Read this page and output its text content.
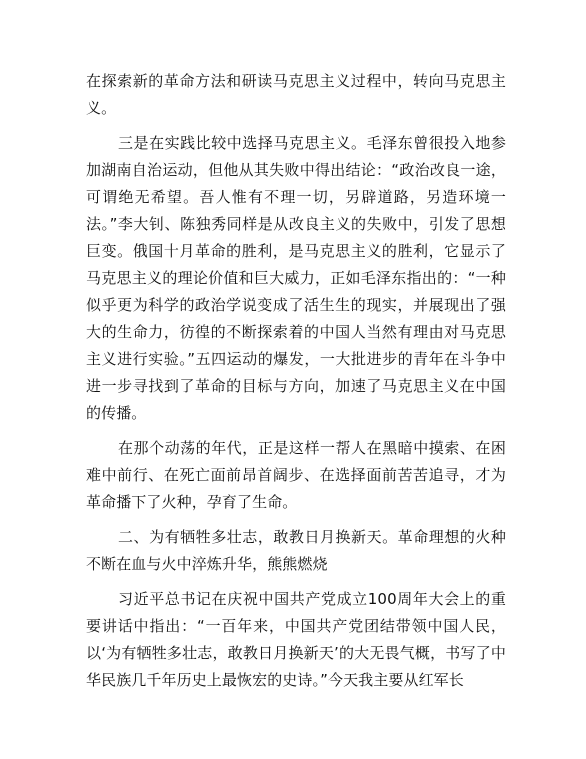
在探索新的革命方法和研读马克思主义过程中，转向马克思主义。

三是在实践比较中选择马克思主义。毛泽东曾很投入地参加湖南自治运动，但他从其失败中得出结论：“政治改良一途，可谓绝无希望。吾人惟有不理一切，另辟道路，另造环境一法。”李大钊、陈独秀同样是从改良主义的失败中，引发了思想巨变。俄国十月革命的胜利，是马克思主义的胜利，它显示了马克思主义的理论价值和巨大威力，正如毛泽东指出的：“一种似乎更为科学的政治学说变成了活生生的现实，并展现出了强大的生命力，彷徨的不断探索着的中国人当然有理由对马克思主义进行实验。”五四运动的爆发，一大批进步的青年在斗争中进一步寻找到了革命的目标与方向，加速了马克思主义在中国的传播。

在那个动荡的年代，正是这样一帮人在黑暗中摸索、在困难中前行、在死亡面前昂首阔步、在选择面前苦苦追寻，才为革命播下了火种，孕育了生命。

二、为有牺牲多壮志，敢教日月换新天。革命理想的火种不断在血与火中淬炼升华，熊熊燃烧

习近平总书记在庆祝中国共产党成立100周年大会上的重要讲话中指出：“一百年来，中国共产党团结带领中国人民，以‘为有牺牲多壮志，敢教日月换新天’的大无畏气概，书写了中华民族几千年历史上最恢宏的史诗。”今天我主要从红军长
